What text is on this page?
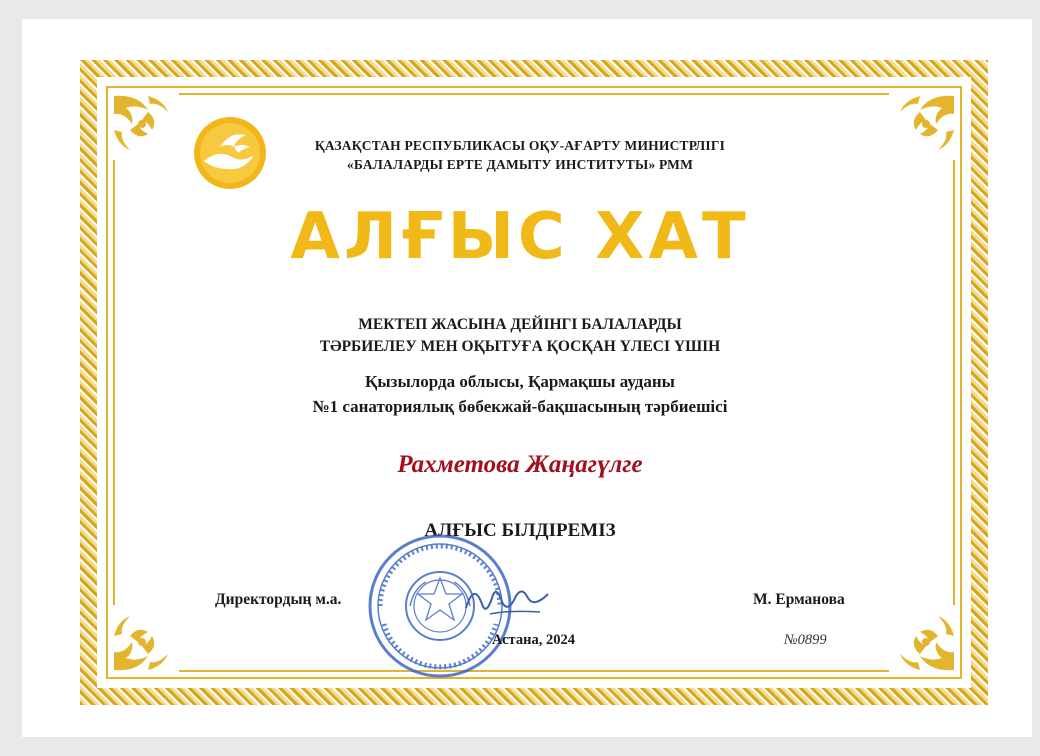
ҚАЗАҚСТАН РЕСПУБЛИКАСЫ ОҚУ-АҒАРТУ МИНИСТРЛІГІ
«БАЛАЛАРДЫ ЕРТЕ ДАМЫТУ ИНСТИТУТЫ» РММ
АЛҒЫС ХАТ
МЕКТЕП ЖАСЫНА ДЕЙІНГІ БАЛАЛАРДЫ
ТӘРБИЕЛЕУ МЕН ОҚЫТУҒА ҚОСҚАН ҮЛЕСІ ҮШІН
Қызылорда облысы, Қармақшы ауданы
№1 санаториялық бөбекжай-бақшасының тәрбиешісі
Рахметова Жаңагүлге
АЛҒЫС БІЛДІРЕМІЗ
Директордың м.а.	М. Ерманова
Астана, 2024	№0899
